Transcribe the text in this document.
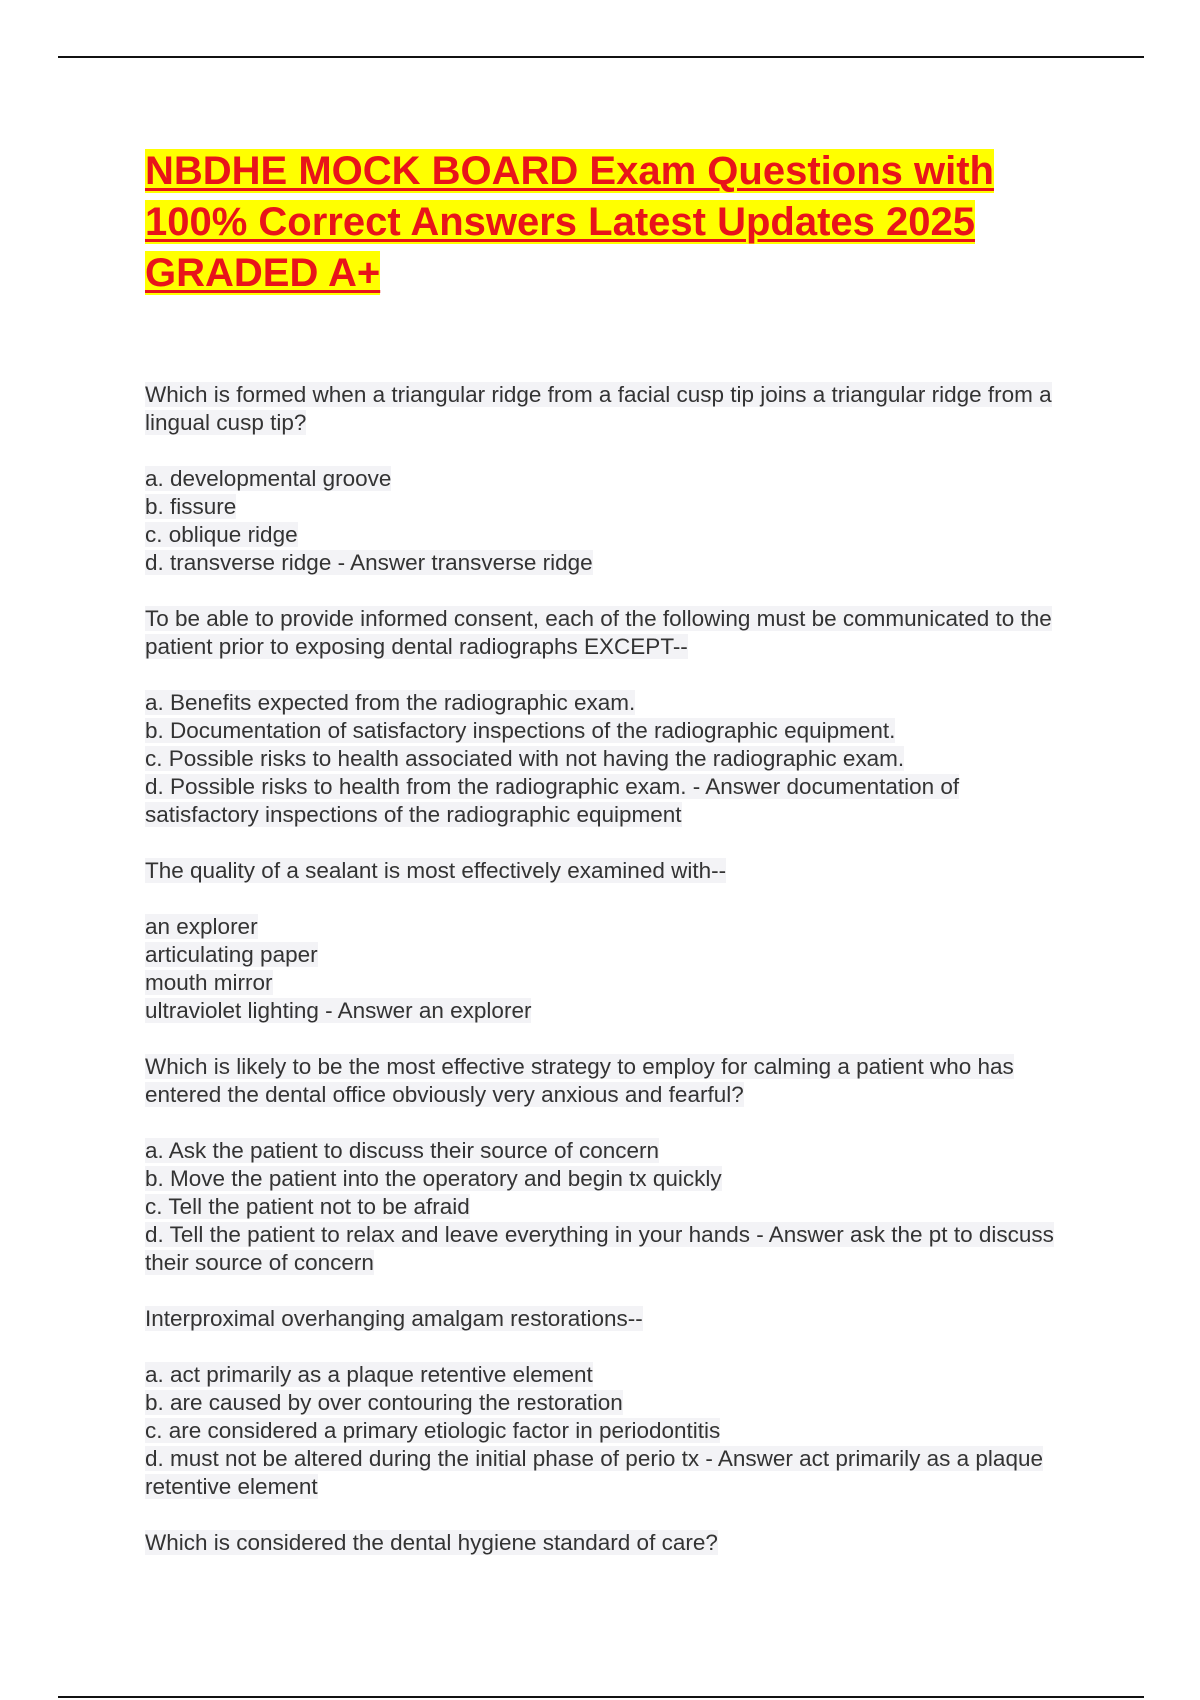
NBDHE MOCK BOARD Exam Questions with 100% Correct Answers Latest Updates 2025 GRADED A+

Which is formed when a triangular ridge from a facial cusp tip joins a triangular ridge from a lingual cusp tip?

a. developmental groove

b. fissure

c. oblique ridge

d. transverse ridge - Answer transverse ridge

To be able to provide informed consent, each of the following must be communicated to the patient prior to exposing dental radiographs EXCEPT--

a. Benefits expected from the radiographic exam.

b. Documentation of satisfactory inspections of the radiographic equipment.

c. Possible risks to health associated with not having the radiographic exam.

d. Possible risks to health from the radiographic exam. - Answer documentation of satisfactory inspections of the radiographic equipment

The quality of a sealant is most effectively examined with--

an explorer

articulating paper

mouth mirror

ultraviolet lighting - Answer an explorer

Which is likely to be the most effective strategy to employ for calming a patient who has entered the dental office obviously very anxious and fearful?

a. Ask the patient to discuss their source of concern

b. Move the patient into the operatory and begin tx quickly

c. Tell the patient not to be afraid

d. Tell the patient to relax and leave everything in your hands - Answer ask the pt to discuss their source of concern

Interproximal overhanging amalgam restorations--

a. act primarily as a plaque retentive element

b. are caused by over contouring the restoration

c. are considered a primary etiologic factor in periodontitis

d. must not be altered during the initial phase of perio tx - Answer act primarily as a plaque retentive element

Which is considered the dental hygiene standard of care?
